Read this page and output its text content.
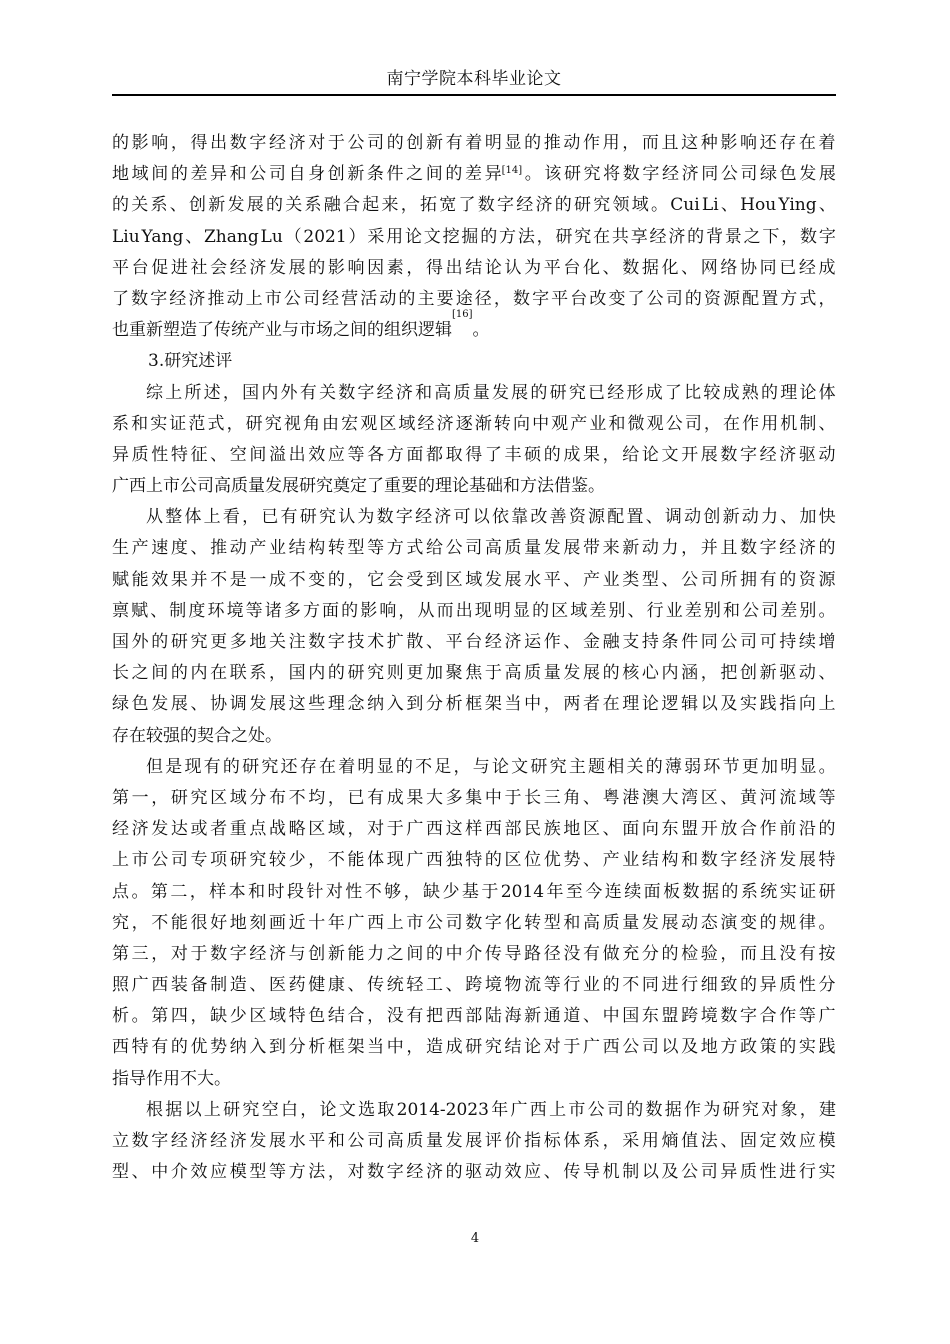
南宁学院本科毕业论文
的 影 响 ， 得 出 数 字 经 济 对 于 公 司 的 创 新 有 着 明 显 的 推 动 作 用 ， 而 且 这 种 影 响 还 存 在 着
地 域 间 的 差 异 和 公 司 自 身 创 新 条 件 之 间 的 差 异[14] 。 该 研 究 将 数 字 经 济 同 公 司 绿 色 发 展
的 关 系 、 创 新 发 展 的 关 系 融 合 起 来 ， 拓 宽 了 数 字 经 济 的 研 究 领 域 。 Cui Li 、 Hou Ying 、
Liu Yang 、 Zhang Lu （ 2021 ） 采 用 论 文 挖 掘 的 方 法 ， 研 究 在 共 享 经 济 的 背 景 之 下 ， 数 字
平 台 促 进 社 会 经 济 发 展 的 影 响 因 素 ， 得 出 结 论 认 为 平 台 化 、 数 据 化 、 网 络 协 同 已 经 成
了 数 字 经 济 推 动 上 市 公 司 经 营 活 动 的 主 要 途 径 ， 数 字 平 台 改 变 了 公 司 的 资 源 配 置 方 式 ，
也重新塑造了传统产业与市场之间的组织逻辑
[16]
。
3.研究述评
综 上 所 述 ， 国 内 外 有 关 数 字 经 济 和 高 质 量 发 展 的 研 究 已 经 形 成 了 比 较 成 熟 的 理 论 体
系 和 实 证 范 式 ， 研 究 视 角 由 宏 观 区 域 经 济 逐 渐 转 向 中 观 产 业 和 微 观 公 司 ， 在 作 用 机 制 、
异 质 性 特 征 、 空 间 溢 出 效 应 等 各 方 面 都 取 得 了 丰 硕 的 成 果 ， 给 论 文 开 展 数 字 经 济 驱 动
广西上市公司高质量发展研究奠定了重要的理论基础和方法借鉴。
从 整 体 上 看 ， 已 有 研 究 认 为 数 字 经 济 可 以 依 靠 改 善 资 源 配 置 、 调 动 创 新 动 力 、 加 快
生 产 速 度 、 推 动 产 业 结 构 转 型 等 方 式 给 公 司 高 质 量 发 展 带 来 新 动 力 ， 并 且 数 字 经 济 的
赋 能 效 果 并 不 是 一 成 不 变 的 ， 它 会 受 到 区 域 发 展 水 平 、 产 业 类 型 、 公 司 所 拥 有 的 资 源
禀 赋 、 制 度 环 境 等 诸 多 方 面 的 影 响 ， 从 而 出 现 明 显 的 区 域 差 别 、 行 业 差 别 和 公 司 差 别 。
国 外 的 研 究 更 多 地 关 注 数 字 技 术 扩 散 、 平 台 经 济 运 作 、 金 融 支 持 条 件 同 公 司 可 持 续 增
长 之 间 的 内 在 联 系 ， 国 内 的 研 究 则 更 加 聚 焦 于 高 质 量 发 展 的 核 心 内 涵 ， 把 创 新 驱 动 、
绿 色 发 展 、 协 调 发 展 这 些 理 念 纳 入 到 分 析 框 架 当 中 ， 两 者 在 理 论 逻 辑 以 及 实 践 指 向 上
存在较强的契合之处。
但 是 现 有 的 研 究 还 存 在 着 明 显 的 不 足 ， 与 论 文 研 究 主 题 相 关 的 薄 弱 环 节 更 加 明 显 。
第 一 ， 研 究 区 域 分 布 不 均 ， 已 有 成 果 大 多 集 中 于 长 三 角 、 粤 港 澳 大 湾 区 、 黄 河 流 域 等
经 济 发 达 或 者 重 点 战 略 区 域 ， 对 于 广 西 这 样 西 部 民 族 地 区 、 面 向 东 盟 开 放 合 作 前 沿 的
上 市 公 司 专 项 研 究 较 少 ， 不 能 体 现 广 西 独 特 的 区 位 优 势 、 产 业 结 构 和 数 字 经 济 发 展 特
点 。 第 二 ， 样 本 和 时 段 针 对 性 不 够 ， 缺 少 基 于 2014 年 至 今 连 续 面 板 数 据 的 系 统 实 证 研
究 ， 不 能 很 好 地 刻 画 近 十 年 广 西 上 市 公 司 数 字 化 转 型 和 高 质 量 发 展 动 态 演 变 的 规 律 。
第 三 ， 对 于 数 字 经 济 与 创 新 能 力 之 间 的 中 介 传 导 路 径 没 有 做 充 分 的 检 验 ， 而 且 没 有 按
照 广 西 装 备 制 造 、 医 药 健 康 、 传 统 轻 工 、 跨 境 物 流 等 行 业 的 不 同 进 行 细 致 的 异 质 性 分
析 。 第 四 ， 缺 少 区 域 特 色 结 合 ， 没 有 把 西 部 陆 海 新 通 道 、 中 国 东 盟 跨 境 数 字 合 作 等 广
西 特 有 的 优 势 纳 入 到 分 析 框 架 当 中 ， 造 成 研 究 结 论 对 于 广 西 公 司 以 及 地 方 政 策 的 实 践
指导作用不大。
根 据 以 上 研 究 空 白 ， 论 文 选 取 2014-2023 年 广 西 上 市 公 司 的 数 据 作 为 研 究 对 象 ， 建
立 数 字 经 济 经 济 发 展 水 平 和 公 司 高 质 量 发 展 评 价 指 标 体 系 ， 采 用 熵 值 法 、 固 定 效 应 模
型 、 中 介 效 应 模 型 等 方 法 ， 对 数 字 经 济 的 驱 动 效 应 、 传 导 机 制 以 及 公 司 异 质 性 进 行 实
4
